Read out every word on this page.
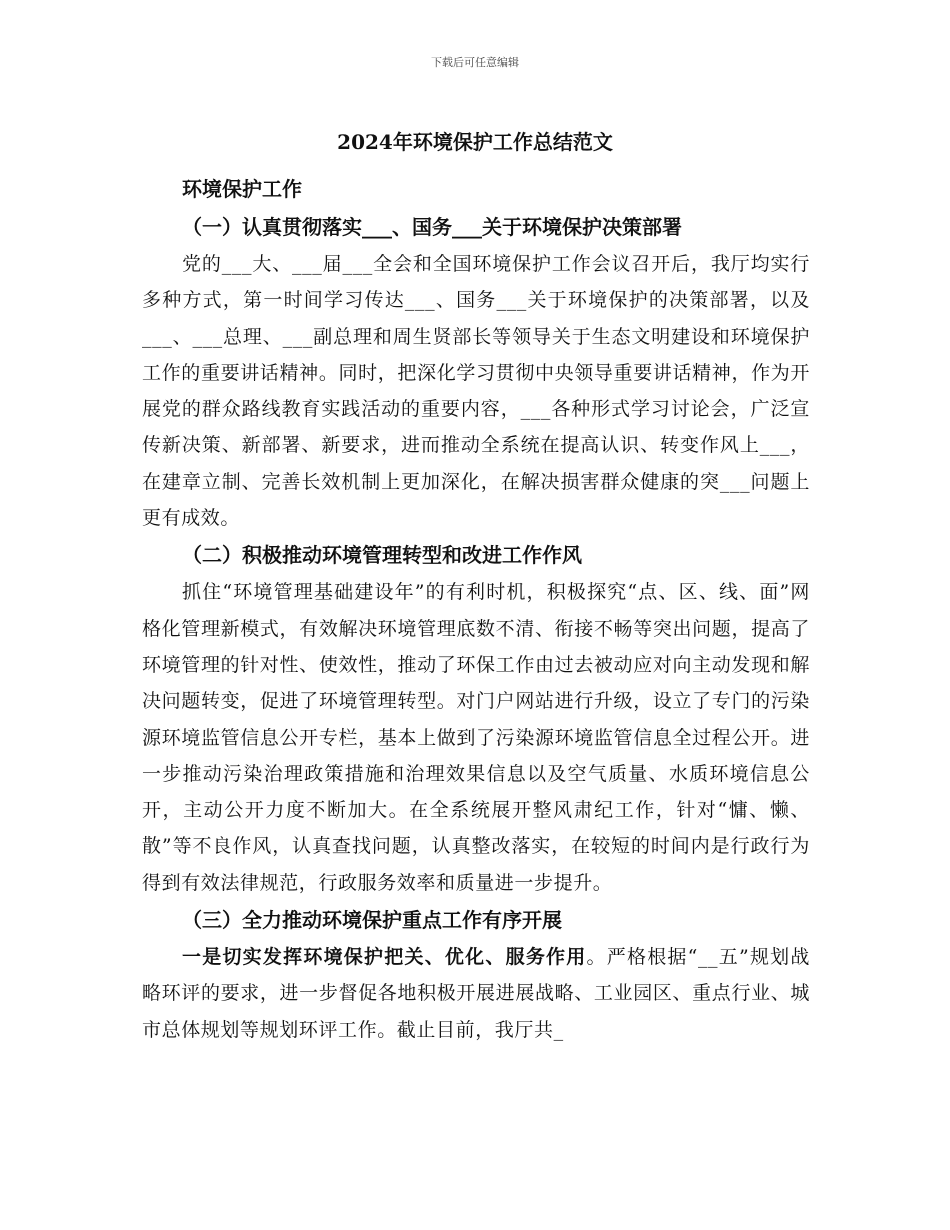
下载后可任意编辑
2024年环境保护工作总结范文

环境保护工作

（一）认真贯彻落实___、国务___关于环境保护决策部署

党的___大、___届___全会和全国环境保护工作会议召开后，我厅均实行多种方式，第一时间学习传达___、国务___关于环境保护的决策部署，以及___、___总理、___副总理和周生贤部长等领导关于生态文明建设和环境保护工作的重要讲话精神。同时，把深化学习贯彻中央领导重要讲话精神，作为开展党的群众路线教育实践活动的重要内容，___各种形式学习讨论会，广泛宣传新决策、新部署、新要求，进而推动全系统在提高认识、转变作风上___，在建章立制、完善长效机制上更加深化，在解决损害群众健康的突___问题上更有成效。

（二）积极推动环境管理转型和改进工作作风

抓住“环境管理基础建设年”的有利时机，积极探究“点、区、线、面”网格化管理新模式，有效解决环境管理底数不清、衔接不畅等突出问题，提高了环境管理的针对性、使效性，推动了环保工作由过去被动应对向主动发现和解决问题转变，促进了环境管理转型。对门户网站进行升级，设立了专门的污染源环境监管信息公开专栏，基本上做到了污染源环境监管信息全过程公开。进一步推动污染治理政策措施和治理效果信息以及空气质量、水质环境信息公开，主动公开力度不断加大。在全系统展开整风肃纪工作，针对“慵、懒、散”等不良作风，认真查找问题，认真整改落实，在较短的时间内是行政行为得到有效法律规范，行政服务效率和质量进一步提升。

（三）全力推动环境保护重点工作有序开展

一是切实发挥环境保护把关、优化、服务作用。严格根据“__五”规划战略环评的要求，进一步督促各地积极开展进展战略、工业园区、重点行业、城市总体规划等规划环评工作。截止目前，我厅共_
